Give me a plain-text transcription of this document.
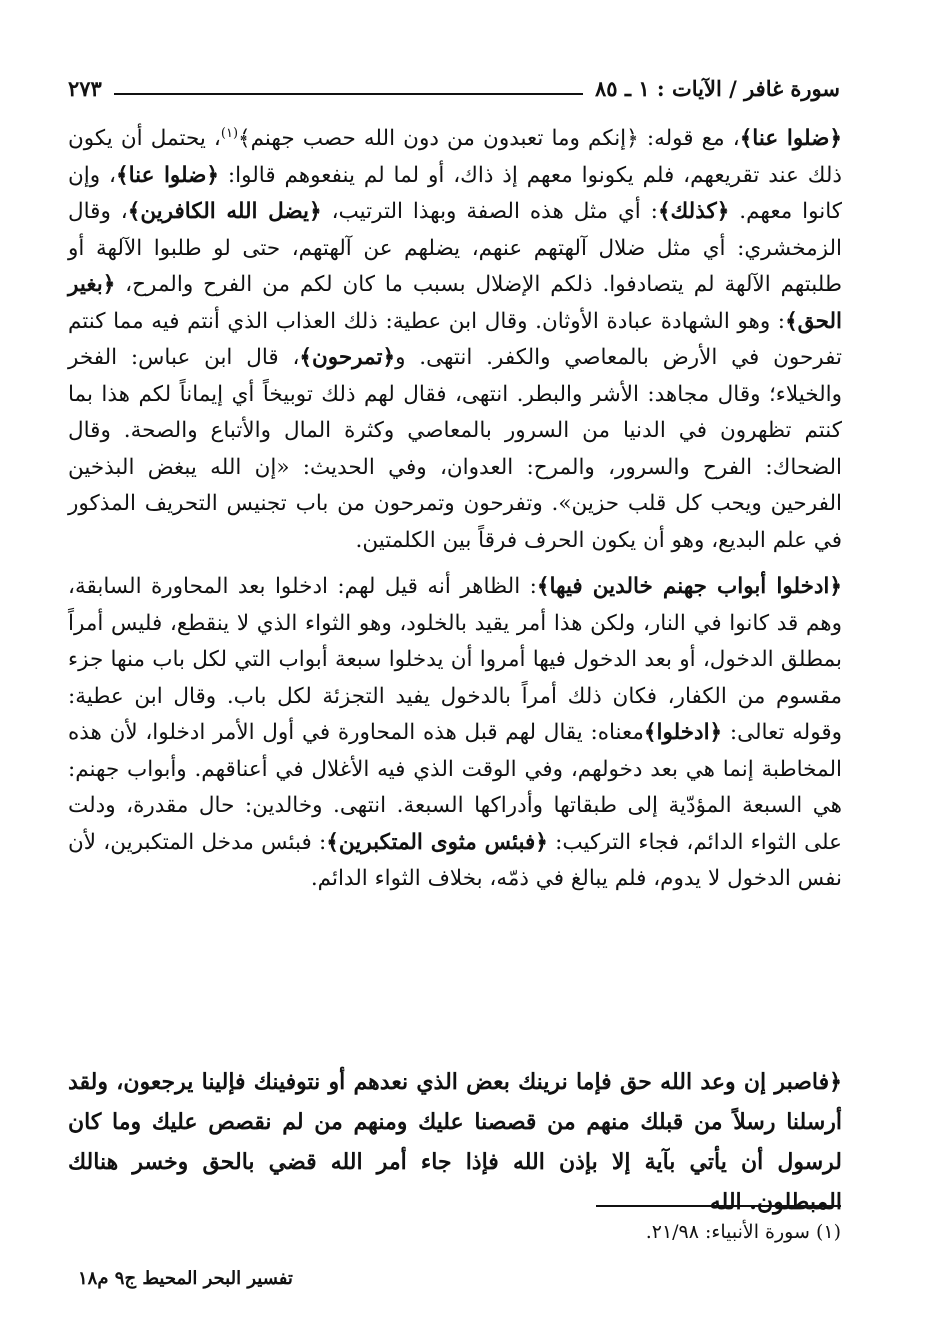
سورة غافر / الآيات : ١ ـ ٨٥
٢٧٣

﴿ضلوا عنا﴾، مع قوله: ﴿إنكم وما تعبدون من دون الله حصب جهنم﴾$^{(١)}$، يحتمل أن يكون ذلك عند تقريعهم، فلم يكونوا معهم إذ ذاك، أو لما لم ينفعوهم قالوا: ﴿ضلوا عنا﴾، وإن كانوا معهم. ﴿كذلك﴾: أي مثل هذه الصفة وبهذا الترتيب، ﴿يضل الله الكافرين﴾، وقال الزمخشري: أي مثل ضلال آلهتهم عنهم، يضلهم عن آلهتهم، حتى لو طلبوا الآلهة أو طلبتهم الآلهة لم يتصادفوا. ذلكم الإضلال بسبب ما كان لكم من الفرح والمرح، ﴿بغير الحق﴾: وهو الشهادة عبادة الأوثان. وقال ابن عطية: ذلك العذاب الذي أنتم فيه مما كنتم تفرحون في الأرض بالمعاصي والكفر. انتهى. و﴿تمرحون﴾، قال ابن عباس: الفخر والخيلاء؛ وقال مجاهد: الأشر والبطر. انتهى، فقال لهم ذلك توبيخاً أي إيماناً لكم هذا بما كنتم تظهرون في الدنيا من السرور بالمعاصي وكثرة المال والأتباع والصحة. وقال الضحاك: الفرح والسرور، والمرح: العدوان، وفي الحديث: «إن الله يبغض البذخين الفرحين ويحب كل قلب حزين». وتفرحون وتمرحون من باب تجنيس التحريف المذكور في علم البديع، وهو أن يكون الحرف فرقاً بين الكلمتين.

﴿ادخلوا أبواب جهنم خالدين فيها﴾: الظاهر أنه قيل لهم: ادخلوا بعد المحاورة السابقة، وهم قد كانوا في النار، ولكن هذا أمر يقيد بالخلود، وهو الثواء الذي لا ينقطع، فليس أمراً بمطلق الدخول، أو بعد الدخول فيها أمروا أن يدخلوا سبعة أبواب التي لكل باب منها جزء مقسوم من الكفار، فكان ذلك أمراً بالدخول يفيد التجزئة لكل باب. وقال ابن عطية: وقوله تعالى: ﴿ادخلوا﴾معناه: يقال لهم قبل هذه المحاورة في أول الأمر ادخلوا، لأن هذه المخاطبة إنما هي بعد دخولهم، وفي الوقت الذي فيه الأغلال في أعناقهم. وأبواب جهنم: هي السبعة المؤدّية إلى طبقاتها وأدراكها السبعة. انتهى. وخالدين: حال مقدرة، ودلت على الثواء الدائم، فجاء التركيب: ﴿فبئس مثوى المتكبرين﴾: فبئس مدخل المتكبرين، لأن نفس الدخول لا يدوم، فلم يبالغ في ذمّه، بخلاف الثواء الدائم.

﴿فاصبر إن وعد الله حق فإما نرينك بعض الذي نعدهم أو نتوفينك فإلينا يرجعون، ولقد أرسلنا رسلاً من قبلك منهم من قصصنا عليك ومنهم من لم نقصص عليك وما كان لرسول أن يأتي بآية إلا بإذن الله فإذا جاء أمر الله قضي بالحق وخسر هنالك المبطلون. الله

(١) سورة الأنبياء: ٢١/٩٨.
تفسير البحر المحيط ج٩ م١٨
